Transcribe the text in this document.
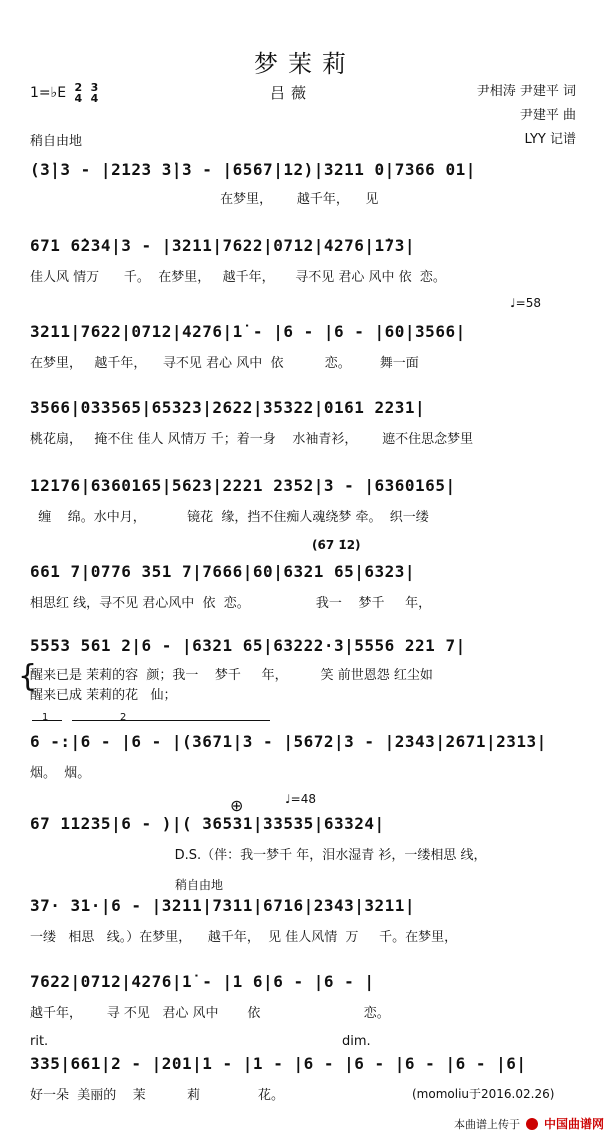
梦茉莉
1=♭E 2
4

3
4	吕薇	尹相涛 尹建平 词
尹建平 曲
LYY 记谱
稍自由地
(3̇|3 - |2123 3̇|3 - |6567|12)|3211 0|7366 01|
在梦里，      越千年，    见
671 6̇234|3 - |3211|7622|0712|4276|1̇73|
佳人风 情万      千。  在梦里，   越千年，     寻不见 君心 风中 依  恋。
♩=58
3211|7622|0712|4276|1̇ - |6 - |6 - |60|3566|
在梦里，   越千年，    寻不见 君心 风中  依          恋。       舞一面
3566|033565|65323|2622|35322|0161 2231|
桃花扇，   掩不住 佳人 风情万 千；着一身    水袖青衫，      遮不住思念梦里
12176|6360165|5623|2221 2352|3 - |6360165|
缠    绵。水中月，          镜花  缘，挡不住痴人魂绕梦 牵。  织一缕
(6̇7 1̇2)
661 7|0776 351 7|7666|60|6321 65|6323|
相思红 线，寻不见 君心风中  依  恋。                我一    梦千     年，
5553 561 2|6 - |6321 65|63222·3|5556 221 7|
{
醒来已是 茉莉的容  颜；我一    梦千     年，        笑 前世恩怨 红尘如
醒来已成 茉莉的花   仙；
1	2
6 -:|6 - |6 - |(3671|3 - |5672|3 - |2343|2671|2313|
烟。  烟。
⊕	♩=48
67 11235|6 - )|( 36531|33535|63324|
D.S.（伴：我一梦千 年，泪水湿青 衫，一缕相思 线，
稍自由地
37· 31·|6 - |3211|7311|6716|2343|3211|
一缕   相思   线。）在梦里，    越千年，  见 佳人风情  万     千。在梦里，
7622|0712|4276|1̇ - |1 6|6 - |6 - |
越千年，      寻 不见   君心 风中       依                         恋。
rit.	dim.
335|661|2 - |201|1 - |1 - |6 - |6 - |6 - |6 - |6|
好一朵  美丽的    茉          莉              花。	(momoliu于2016.02.26)
本曲谱上传于 中国曲谱网
